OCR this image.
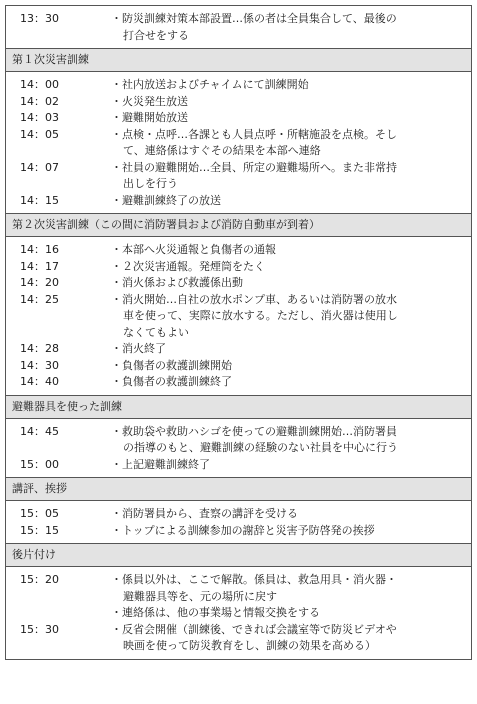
13：30	・防災訓練対策本部設置…係の者は全員集合して、最後の
打合せをする
第１次災害訓練
14：00	・社内放送およびチャイムにて訓練開始
14：02	・火災発生放送
14：03	・避難開始放送
14：05	・点検・点呼…各課とも人員点呼・所轄施設を点検。そし
て、連絡係はすぐその結果を本部へ連絡
14：07	・社員の避難開始…全員、所定の避難場所へ。また非常持
出しを行う
14：15	・避難訓練終了の放送
第２次災害訓練（この間に消防署員および消防自動車が到着）
14：16	・本部へ火災通報と負傷者の通報
14：17	・２次災害通報。発煙筒をたく
14：20	・消火係および救護係出動
14：25	・消火開始…自社の放水ポンプ車、あるいは消防署の放水
車を使って、実際に放水する。ただし、消火器は使用し
なくてもよい
14：28	・消火終了
14：30	・負傷者の救護訓練開始
14：40	・負傷者の救護訓練終了
避難器具を使った訓練
14：45	・救助袋や救助ハシゴを使っての避難訓練開始…消防署員
の指導のもと、避難訓練の経験のない社員を中心に行う
15：00	・上記避難訓練終了
講評、挨拶
15：05	・消防署員から、査察の講評を受ける
15：15	・トップによる訓練参加の謝辞と災害予防啓発の挨拶
後片付け
15：20	・係員以外は、ここで解散。係員は、救急用具・消火器・
避難器具等を、元の場所に戻す
・連絡係は、他の事業場と情報交換をする
15：30	・反省会開催（訓練後、できれば会議室等で防災ビデオや
映画を使って防災教育をし、訓練の効果を高める）
